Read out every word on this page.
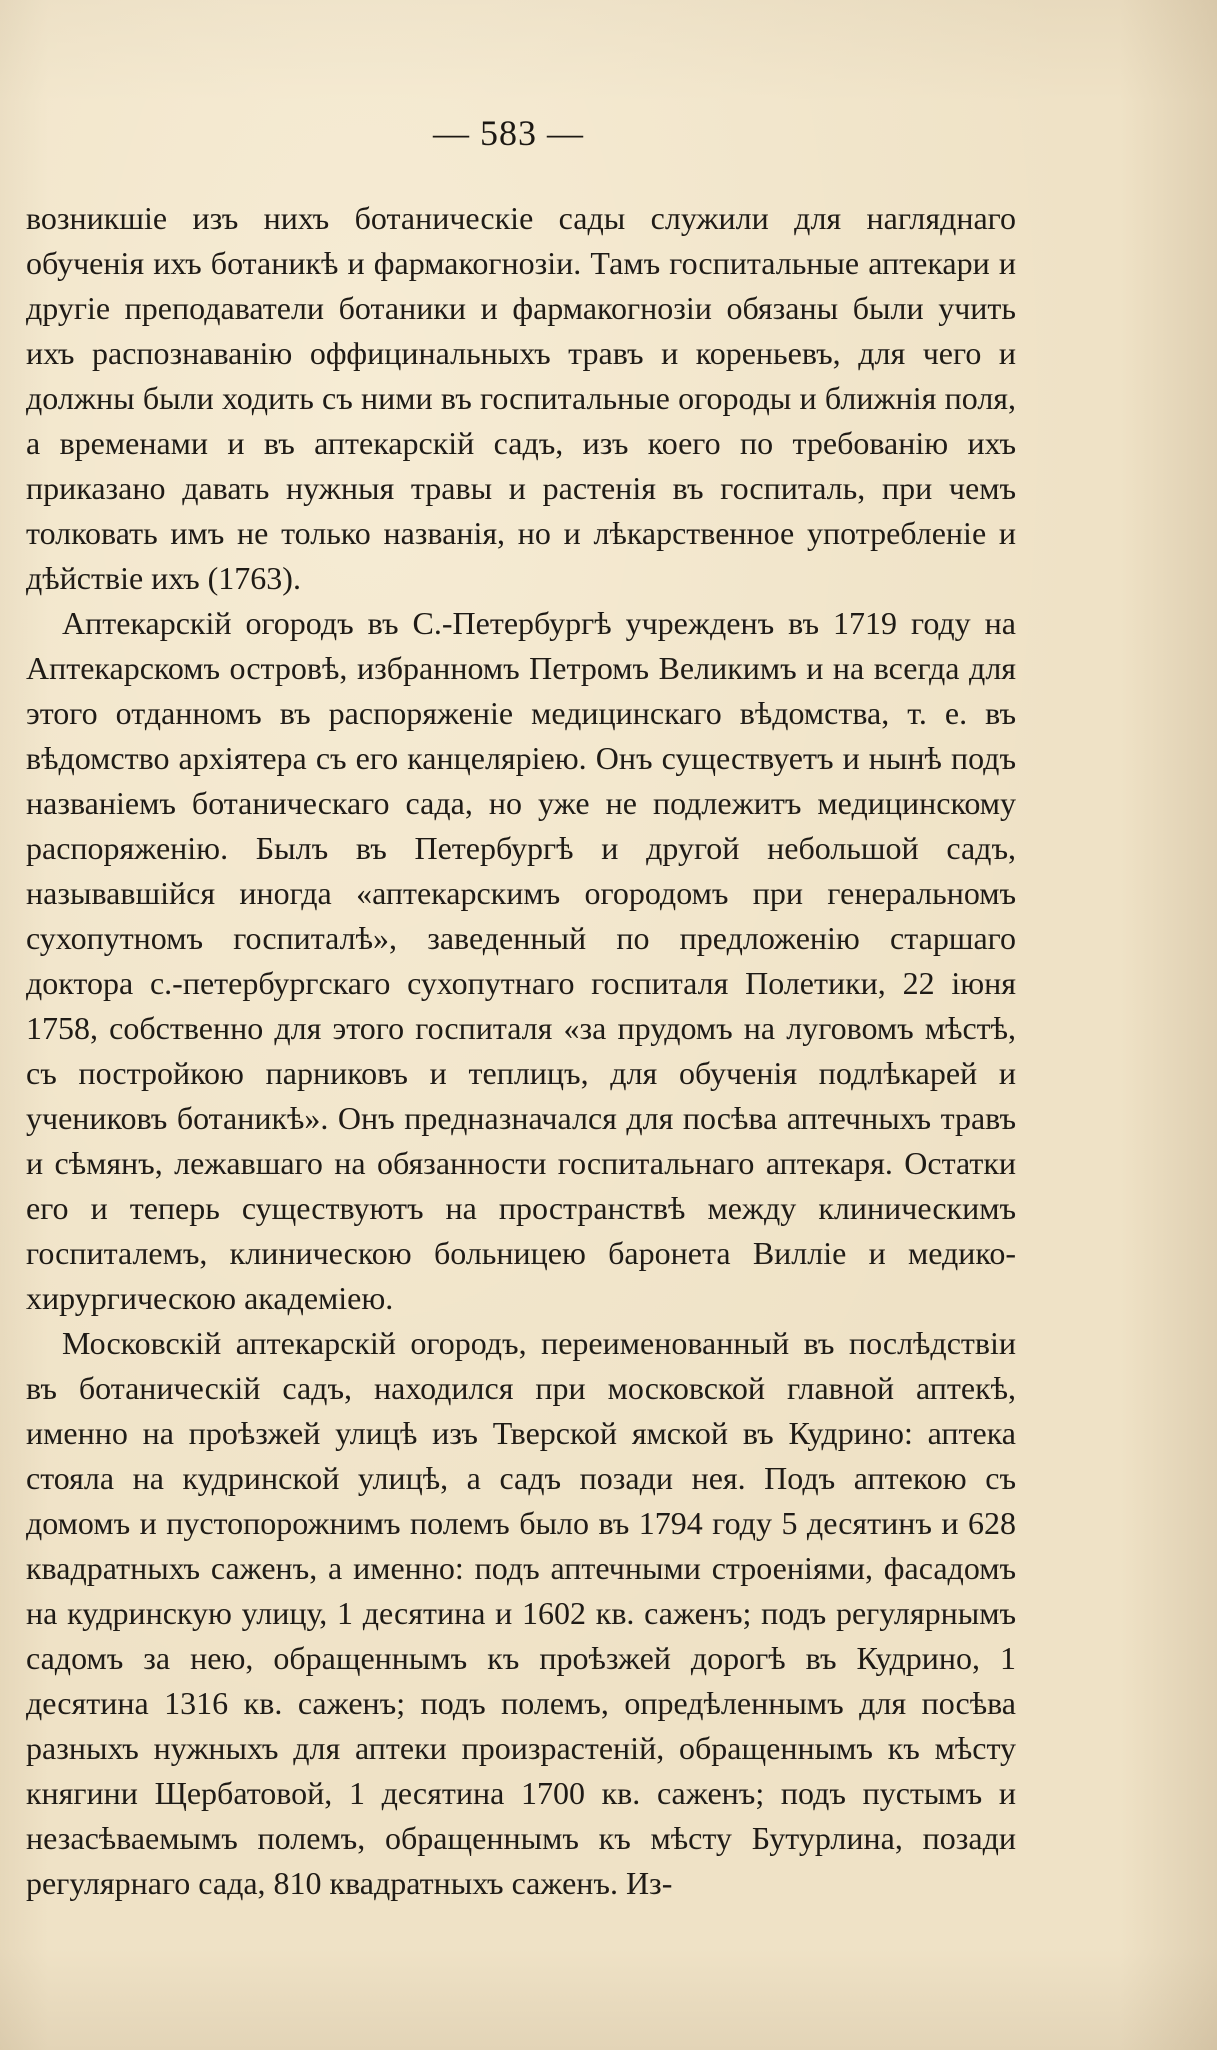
— 583 —

возникшіе изъ нихъ ботаническіе сады служили для нагляднаго обученія ихъ ботаникѣ и фармакогнозіи. Тамъ госпитальные аптекари и другіе преподаватели ботаники и фармакогнозіи обязаны были учить ихъ распознаванію оффицинальныхъ травъ и кореньевъ, для чего и должны были ходить съ ними въ госпитальные огороды и ближнія поля, а временами и въ аптекарскій садъ, изъ коего по требованію ихъ приказано давать нужныя травы и растенія въ госпиталь, при чемъ толковать имъ не только названія, но и лѣкарственное употребленіе и дѣйствіе ихъ (1763).

Аптекарскій огородъ въ С.-Петербургѣ учрежденъ въ 1719 году на Аптекарскомъ островѣ, избранномъ Петромъ Великимъ и на всегда для этого отданномъ въ распоряженіе медицинскаго вѣдомства, т. е. въ вѣдомство архіятера съ его канцеляріею. Онъ существуетъ и нынѣ подъ названіемъ ботаническаго сада, но уже не подлежитъ медицинскому распоряженію. Былъ въ Петербургѣ и другой небольшой садъ, называвшійся иногда «аптекарскимъ огородомъ при генеральномъ сухопутномъ госпиталѣ», заведенный по предложенію старшаго доктора с.-петербургскаго сухопутнаго госпиталя Полетики, 22 іюня 1758, собственно для этого госпиталя «за прудомъ на луговомъ мѣстѣ, съ постройкою парниковъ и теплицъ, для обученія подлѣкарей и учениковъ ботаникѣ». Онъ предназначался для посѣва аптечныхъ травъ и сѣмянъ, лежавшаго на обязанности госпитальнаго аптекаря. Остатки его и теперь существуютъ на пространствѣ между клиническимъ госпиталемъ, клиническою больницею баронета Виллiе и медико-хирургическою академіею.

Московскій аптекарскій огородъ, переименованный въ послѣдствіи въ ботаническій садъ, находился при московской главной аптекѣ, именно на проѣзжей улицѣ изъ Тверской ямской въ Кудрино: аптека стояла на кудринской улицѣ, а садъ позади нея. Подъ аптекою съ домомъ и пустопорожнимъ полемъ было въ 1794 году 5 десятинъ и 628 квадратныхъ саженъ, а именно: подъ аптечными строеніями, фасадомъ на кудринскую улицу, 1 десятина и 1602 кв. саженъ; подъ регулярнымъ садомъ за нею, обращеннымъ къ проѣзжей дорогѣ въ Кудрино, 1 десятина 1316 кв. саженъ; подъ полемъ, опредѣленнымъ для посѣва разныхъ нужныхъ для аптеки произрастеній, обращеннымъ къ мѣсту княгини Щербатовой, 1 десятина 1700 кв. саженъ; подъ пустымъ и незасѣваемымъ полемъ, обращеннымъ къ мѣсту Бутурлина, позади регулярнаго сада, 810 квадратныхъ саженъ. Из-
